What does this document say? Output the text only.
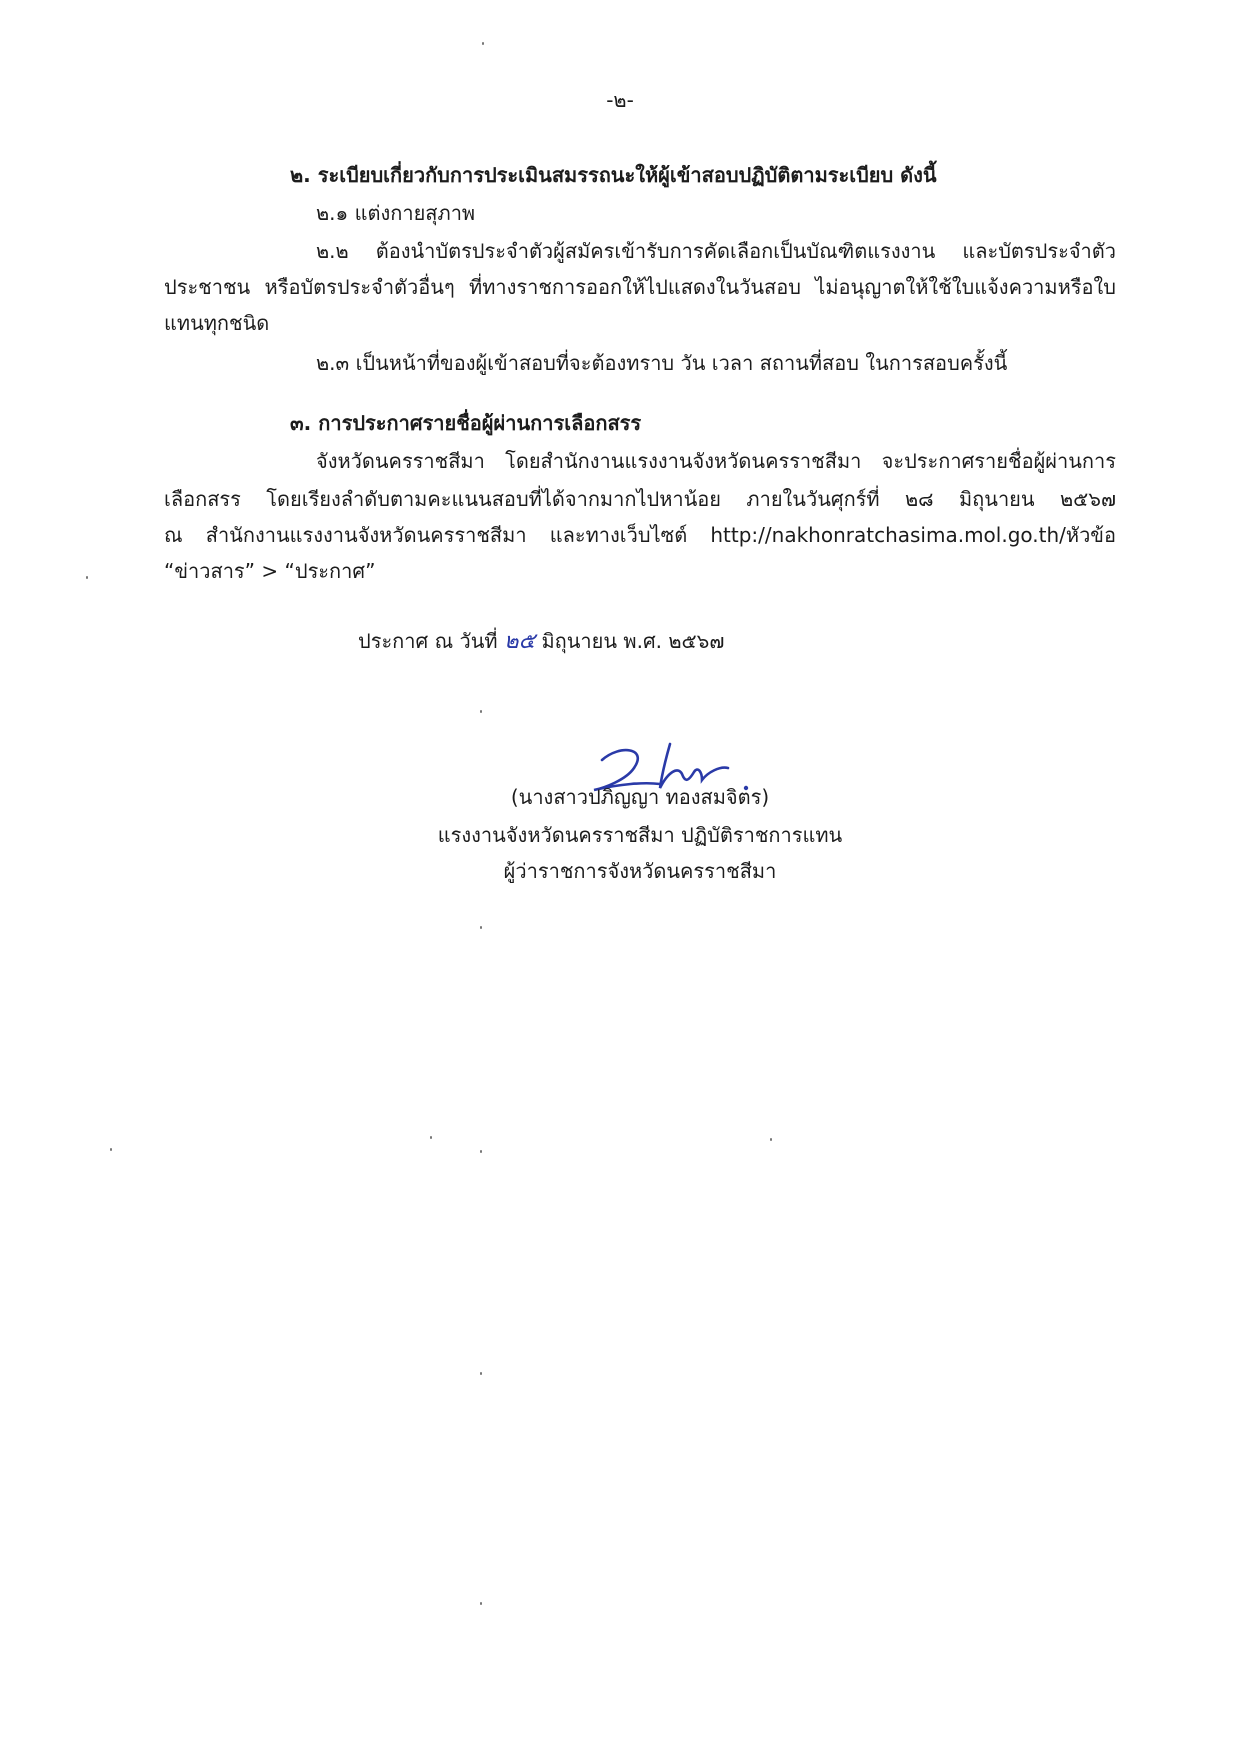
-๒-
๒. ระเบียบเกี่ยวกับการประเมินสมรรถนะให้ผู้เข้าสอบปฏิบัติตามระเบียบ ดังนี้
๒.๑ แต่งกายสุภาพ
๒.๒ ต้องนำบัตรประจำตัวผู้สมัครเข้ารับการคัดเลือกเป็นบัณฑิตแรงงาน และบัตรประจำตัว
ประชาชน หรือบัตรประจำตัวอื่นๆ ที่ทางราชการออกให้ไปแสดงในวันสอบ ไม่อนุญาตให้ใช้ใบแจ้งความหรือใบ
แทนทุกชนิด
๒.๓ เป็นหน้าที่ของผู้เข้าสอบที่จะต้องทราบ วัน เวลา สถานที่สอบ ในการสอบครั้งนี้
๓. การประกาศรายชื่อผู้ผ่านการเลือกสรร
จังหวัดนครราชสีมา โดยสำนักงานแรงงานจังหวัดนครราชสีมา จะประกาศรายชื่อผู้ผ่านการ
เลือกสรร โดยเรียงลำดับตามคะแนนสอบที่ได้จากมากไปหาน้อย ภายในวันศุกร์ที่ ๒๘ มิถุนายน ๒๕๖๗
ณ สำนักงานแรงงานจังหวัดนครราชสีมา และทางเว็บไซต์ http://nakhonratchasima.mol.go.th/หัวข้อ
“ข่าวสาร” > “ประกาศ”
ประกาศ ณ วันที่ ๒๕ มิถุนายน พ.ศ. ๒๕๖๗
(นางสาวปภิญญา ทองสมจิตร)
แรงงานจังหวัดนครราชสีมา ปฏิบัติราชการแทน
ผู้ว่าราชการจังหวัดนครราชสีมา
